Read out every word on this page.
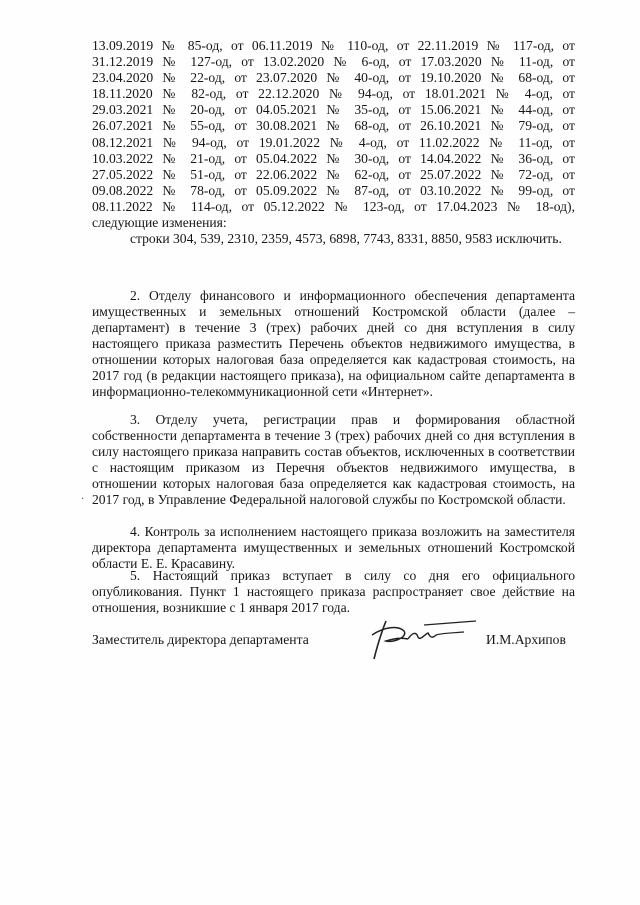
13.09.2019 № 85-од, от 06.11.2019 № 110-од, от 22.11.2019 № 117-од, от

31.12.2019 № 127-од, от 13.02.2020 № 6-од, от 17.03.2020 № 11-од, от

23.04.2020 № 22-од, от 23.07.2020 № 40-од, от 19.10.2020 № 68-од, от

18.11.2020 № 82-од, от 22.12.2020 № 94-од, от 18.01.2021 № 4-од, от

29.03.2021 № 20-од, от 04.05.2021 № 35-од, от 15.06.2021 № 44-од, от

26.07.2021 № 55-од, от 30.08.2021 № 68-од, от 26.10.2021 № 79-од, от

08.12.2021 № 94-од, от 19.01.2022 № 4-од, от 11.02.2022 № 11-од, от

10.03.2022 № 21-од, от 05.04.2022 № 30-од, от 14.04.2022 № 36-од, от

27.05.2022 № 51-од, от 22.06.2022 № 62-од, от 25.07.2022 № 72-од, от

09.08.2022 № 78-од, от 05.09.2022 № 87-од, от 03.10.2022 № 99-од, от

08.11.2022 № 114-од, от 05.12.2022 № 123-од, от 17.04.2023 № 18-од),

следующие изменения:

строки 304, 539, 2310, 2359, 4573, 6898, 7743, 8331, 8850, 9583 исключить.

2. Отделу финансового и информационного обеспечения департамента имущественных и земельных отношений Костромской области (далее – департамент) в течение 3 (трех) рабочих дней со дня вступления в силу настоящего приказа разместить Перечень объектов недвижимого имущества, в отношении которых налоговая база определяется как кадастровая стоимость, на 2017 год (в редакции настоящего приказа), на официальном сайте департамента в информационно-телекоммуникационной сети «Интернет».

3. Отделу учета, регистрации прав и формирования областной собственности департамента в течение 3 (трех) рабочих дней со дня вступления в силу настоящего приказа направить состав объектов, исключенных в соответствии с настоящим приказом из Перечня объектов недвижимого имущества, в отношении которых налоговая база определяется как кадастровая стоимость, на 2017 год, в Управление Федеральной налоговой службы по Костромской области.

·

4. Контроль за исполнением настоящего приказа возложить на заместителя директора департамента имущественных и земельных отношений Костромской области Е. Е. Красавину.

5. Настоящий приказ вступает в силу со дня его официального опубликования. Пункт 1 настоящего приказа распространяет свое действие на отношения, возникшие с 1 января 2017 года.

Заместитель директора департамента	И.М.Архипов
